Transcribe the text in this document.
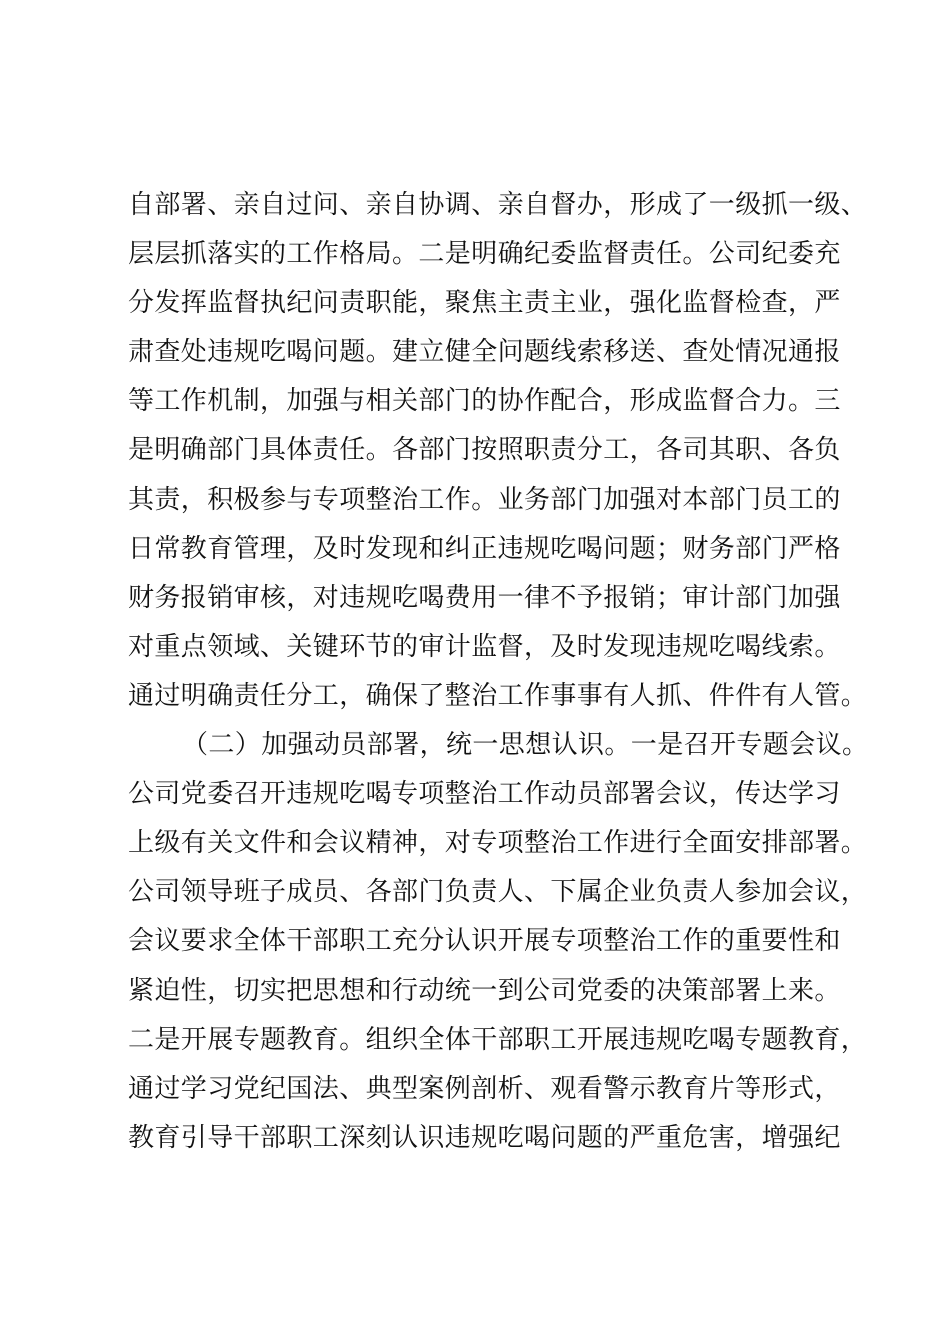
自部署、亲自过问、亲自协调、亲自督办，形成了一级抓一级、
层层抓落实的工作格局。二是明确纪委监督责任。公司纪委充
分发挥监督执纪问责职能，聚焦主责主业，强化监督检查，严
肃查处违规吃喝问题。建立健全问题线索移送、查处情况通报
等工作机制，加强与相关部门的协作配合，形成监督合力。三
是明确部门具体责任。各部门按照职责分工，各司其职、各负
其责，积极参与专项整治工作。业务部门加强对本部门员工的
日常教育管理，及时发现和纠正违规吃喝问题；财务部门严格
财务报销审核，对违规吃喝费用一律不予报销；审计部门加强
对重点领域、关键环节的审计监督，及时发现违规吃喝线索。
通过明确责任分工，确保了整治工作事事有人抓、件件有人管。
（二）加强动员部署，统一思想认识。一是召开专题会议。
公司党委召开违规吃喝专项整治工作动员部署会议，传达学习
上级有关文件和会议精神，对专项整治工作进行全面安排部署。
公司领导班子成员、各部门负责人、下属企业负责人参加会议，
会议要求全体干部职工充分认识开展专项整治工作的重要性和
紧迫性，切实把思想和行动统一到公司党委的决策部署上来。
二是开展专题教育。组织全体干部职工开展违规吃喝专题教育，
通过学习党纪国法、典型案例剖析、观看警示教育片等形式，
教育引导干部职工深刻认识违规吃喝问题的严重危害，增强纪
